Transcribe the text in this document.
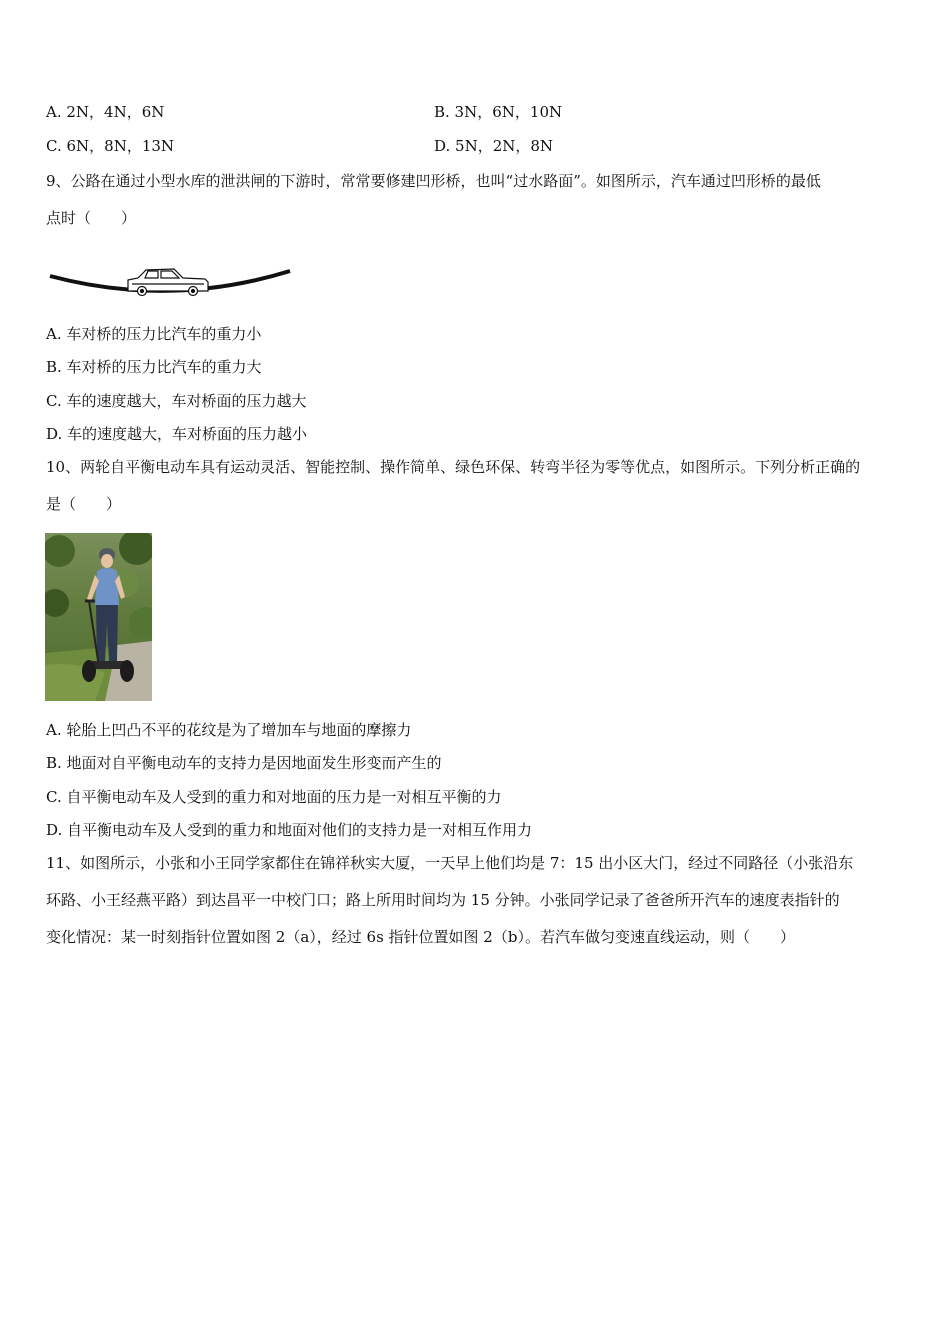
A. 2N，4N，6N	B. 3N，6N，10N
C. 6N，8N，13N	D. 5N，2N，8N
9、公路在通过小型水库的泄洪闸的下游时，常常要修建凹形桥，也叫“过水路面”。如图所示，汽车通过凹形桥的最低
点时（　　）
A. 车对桥的压力比汽车的重力小
B. 车对桥的压力比汽车的重力大
C. 车的速度越大，车对桥面的压力越大
D. 车的速度越大，车对桥面的压力越小
10、两轮自平衡电动车具有运动灵活、智能控制、操作简单、绿色环保、转弯半径为零等优点，如图所示。下列分析正确的
是（　　）
A. 轮胎上凹凸不平的花纹是为了增加车与地面的摩擦力
B. 地面对自平衡电动车的支持力是因地面发生形变而产生的
C. 自平衡电动车及人受到的重力和对地面的压力是一对相互平衡的力
D. 自平衡电动车及人受到的重力和地面对他们的支持力是一对相互作用力
11、如图所示，小张和小王同学家都住在锦祥秋实大厦，一天早上他们均是 7：15 出小区大门，经过不同路径（小张沿东
环路、小王经燕平路）到达昌平一中校门口；路上所用时间均为 15 分钟。小张同学记录了爸爸所开汽车的速度表指针的
变化情况：某一时刻指针位置如图 2（a），经过 6s 指针位置如图 2（b）。若汽车做匀变速直线运动，则（　　）
